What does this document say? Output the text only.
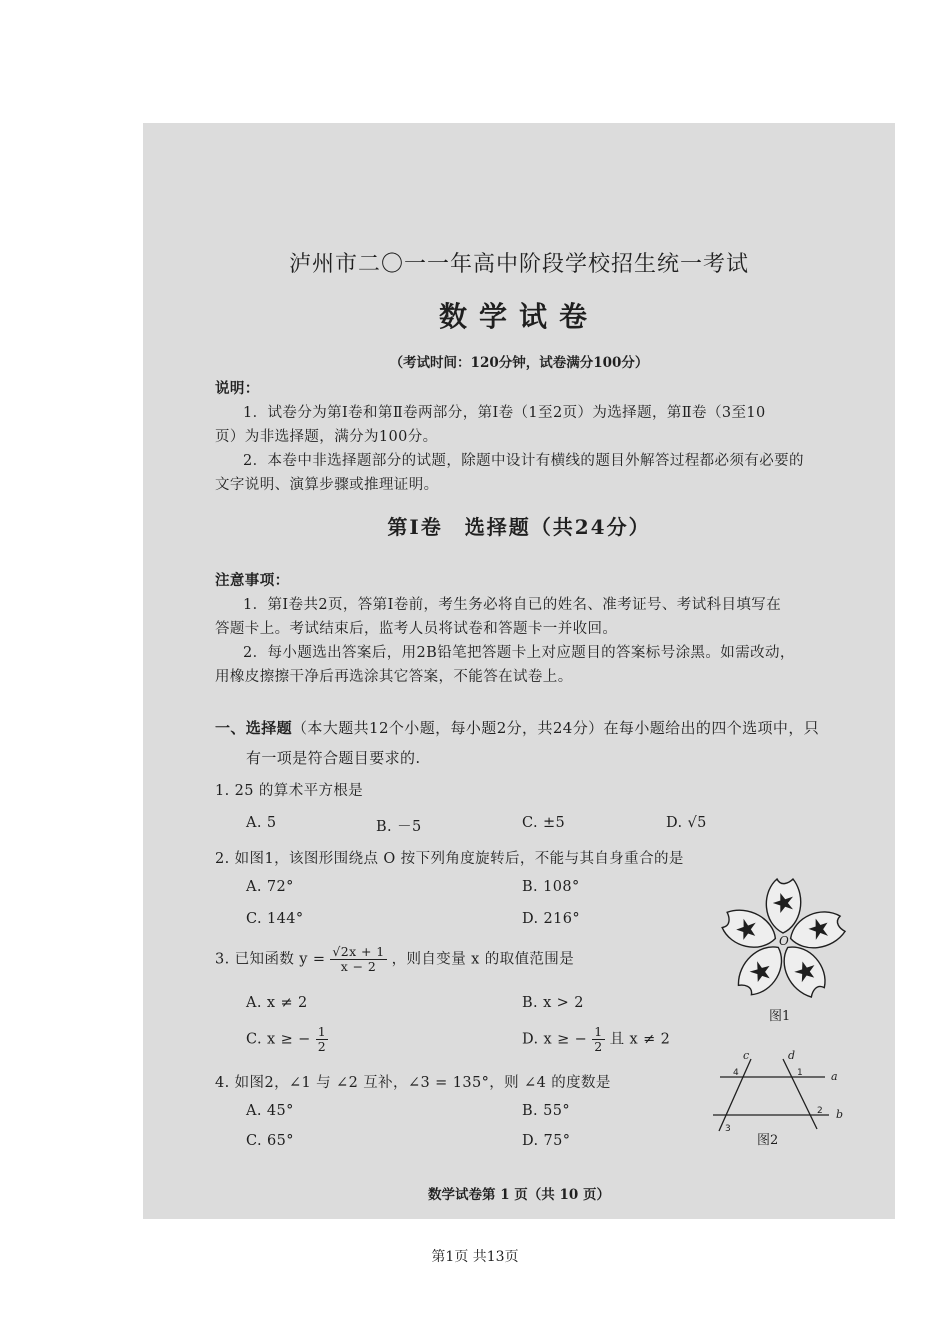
泸州市二〇一一年高中阶段学校招生统一考试
数学试卷
（考试时间：120分钟，试卷满分100分）
说明：
1．试卷分为第Ⅰ卷和第Ⅱ卷两部分，第Ⅰ卷（1至2页）为选择题，第Ⅱ卷（3至10
页）为非选择题，满分为100分。
2．本卷中非选择题部分的试题，除题中设计有横线的题目外解答过程都必须有必要的
文字说明、演算步骤或推理证明。
第Ⅰ卷　选择题（共24分）
注意事项：
1．第Ⅰ卷共2页，答第Ⅰ卷前，考生务必将自已的姓名、准考证号、考试科目填写在
答题卡上。考试结束后，监考人员将试卷和答题卡一并收回。
2．每小题选出答案后，用2B铅笔把答题卡上对应题目的答案标号涂黑。如需改动，
用橡皮擦擦干净后再选涂其它答案，不能答在试卷上。
一、选择题（本大题共12个小题，每小题2分，共24分）在每小题给出的四个选项中，只
有一项是符合题目要求的.
1. 25 的算术平方根是
A. 5	B. －5	C. ±5	D. √5
2. 如图1，该图形围绕点 O 按下列角度旋转后，不能与其自身重合的是
A. 72°	B. 108°
C. 144°	D. 216°
3. 已知函数 $y = \frac{√2x + 1}{x - 2}$ ，则自变量 x 的取值范围是
A. x ≠ 2	B. x > 2
C. x ≥ − $\frac{1}{2}$	D. x ≥ − $\frac{1}{2}$ 且 x ≠ 2
4. 如图2，∠1 与 ∠2 互补，∠3 = 135°，则 ∠4 的度数是
A. 45°	B. 55°
C. 65°	D. 75°
O
图1
c	d
a
b
4	1
2
3
图2
数学试卷第 1 页（共 10 页）
第1页 共13页
